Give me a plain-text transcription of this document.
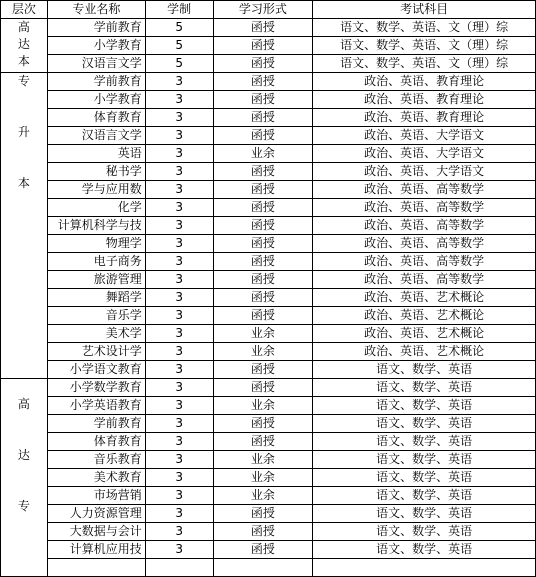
层次	专业名称	学制	学习形式	考试科目

高
达
本	学前教育	5	函授	语文、数学、英语、文（理）综
	小学教育	5	函授	语文、数学、英语、文（理）综
	汉语言文学	5	函授	语文、数学、英语、文（理）综

专
升
本	学前教育	3	函授	政治、英语、教育理论
	小学教育	3	函授	政治、英语、教育理论
	体育教育	3	函授	政治、英语、教育理论
	汉语言文学	3	函授	政治、英语、大学语文
	英语	3	业余	政治、英语、大学语文
	秘书学	3	函授	政治、英语、大学语文
	学与应用数	3	函授	政治、英语、高等数学
	化学	3	函授	政治、英语、高等数学
	计算机科学与技	3	函授	政治、英语、高等数学
	物理学	3	函授	政治、英语、高等数学
	电子商务	3	函授	政治、英语、高等数学
	旅游管理	3	函授	政治、英语、高等数学
	舞蹈学	3	函授	政治、英语、艺术概论
	音乐学	3	函授	政治、英语、艺术概论
	美术学	3	业余	政治、英语、艺术概论
	艺术设计学	3	业余	政治、英语、艺术概论
	小学语文教育	3	函授	语文、数学、英语

高
达
专	小学数学教育	3	函授	语文、数学、英语
	小学英语教育	3	业余	语文、数学、英语
	学前教育	3	函授	语文、数学、英语
	体育教育	3	函授	语文、数学、英语
	音乐教育	3	业余	语文、数学、英语
	美术教育	3	业余	语文、数学、英语
	市场营销	3	业余	语文、数学、英语
	人力资源管理	3	函授	语文、数学、英语
	大数据与会计	3	函授	语文、数学、英语
	计算机应用技	3	函授	语文、数学、英语
